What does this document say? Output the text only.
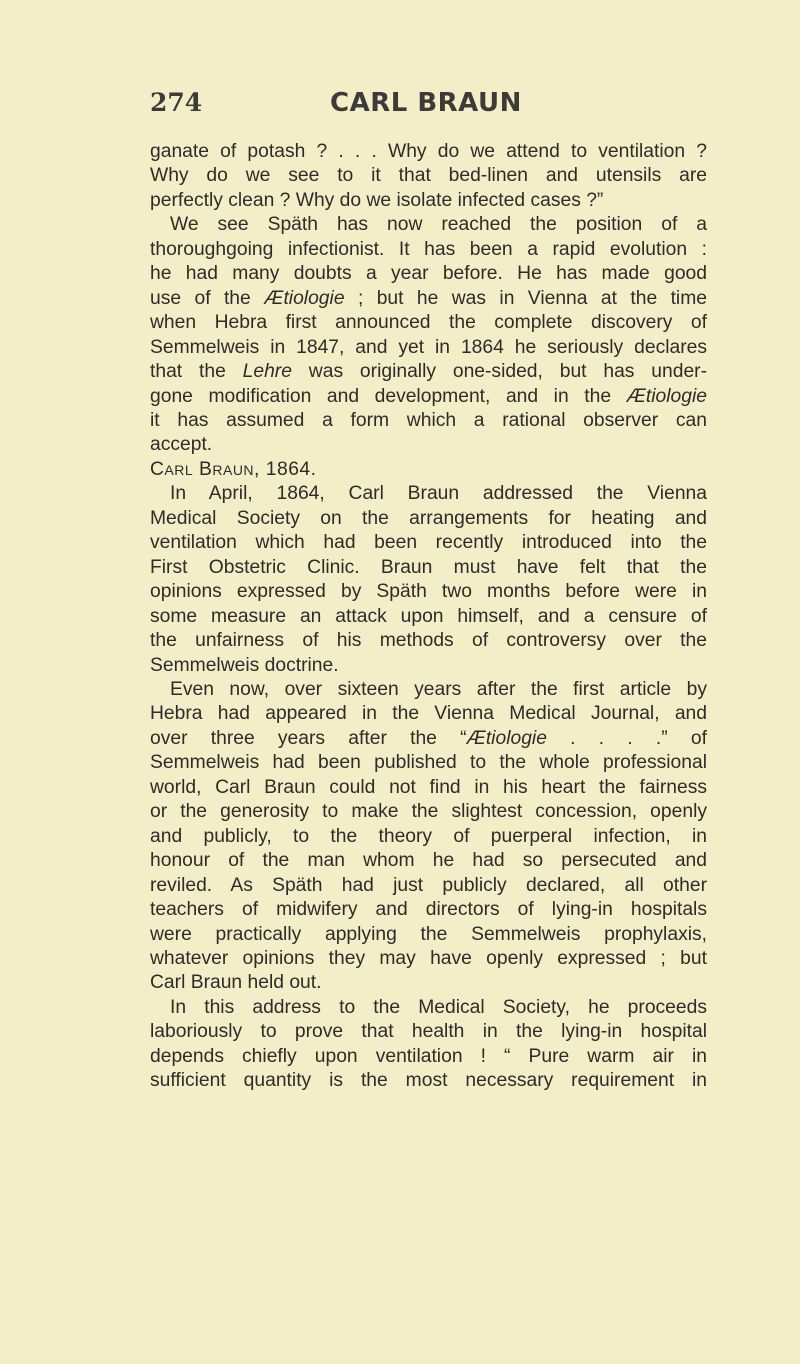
274	CARL BRAUN
ganate of potash ? . . . Why do we attend to ventilation ?
Why do we see to it that bed-linen and utensils are
perfectly clean ? Why do we isolate infected cases ?”
We see Späth has now reached the position of a
thoroughgoing infectionist. It has been a rapid evolution :
he had many doubts a year before. He has made good
use of the Ætiologie ; but he was in Vienna at the time
when Hebra first announced the complete discovery of
Semmelweis in 1847, and yet in 1864 he seriously declares
that the Lehre was originally one-sided, but has under-
gone modification and development, and in the Ætiologie
it has assumed a form which a rational observer can
accept.
Carl Braun, 1864.
In April, 1864, Carl Braun addressed the Vienna
Medical Society on the arrangements for heating and
ventilation which had been recently introduced into the
First Obstetric Clinic. Braun must have felt that the
opinions expressed by Späth two months before were in
some measure an attack upon himself, and a censure of
the unfairness of his methods of controversy over the
Semmelweis doctrine.
Even now, over sixteen years after the first article by
Hebra had appeared in the Vienna Medical Journal, and
over three years after the “Ætiologie . . . .” of
Semmelweis had been published to the whole professional
world, Carl Braun could not find in his heart the fairness
or the generosity to make the slightest concession, openly
and publicly, to the theory of puerperal infection, in
honour of the man whom he had so persecuted and
reviled. As Späth had just publicly declared, all other
teachers of midwifery and directors of lying-in hospitals
were practically applying the Semmelweis prophylaxis,
whatever opinions they may have openly expressed ; but
Carl Braun held out.
In this address to the Medical Society, he proceeds
laboriously to prove that health in the lying-in hospital
depends chiefly upon ventilation ! “ Pure warm air in
sufficient quantity is the most necessary requirement in
